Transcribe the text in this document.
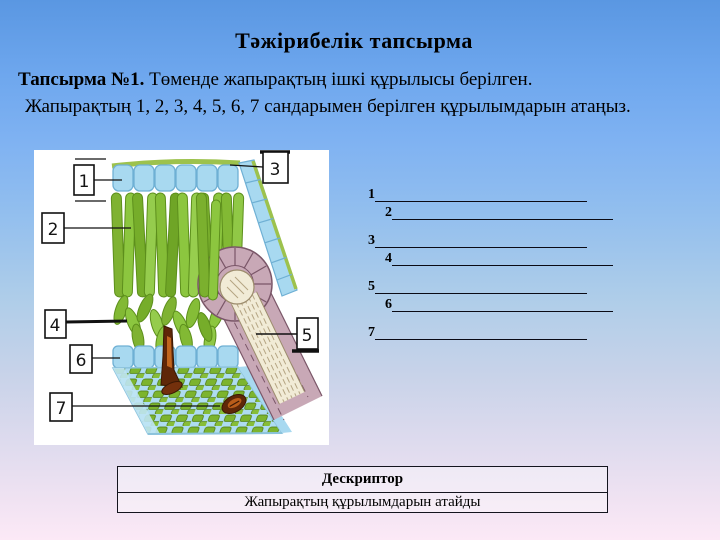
Тәжірибелік тапсырма
Тапсырма №1. Төменде жапырақтың ішкі құрылысы берілген.
Жапырақтың 1, 2, 3, 4, 5, 6, 7 сандарымен берілген құрылымдарын атаңыз.
1
2
3
4	5
6
7
1
2
3
4
5
6
7
Дескриптор
Жапырақтың құрылымдарын атайды
